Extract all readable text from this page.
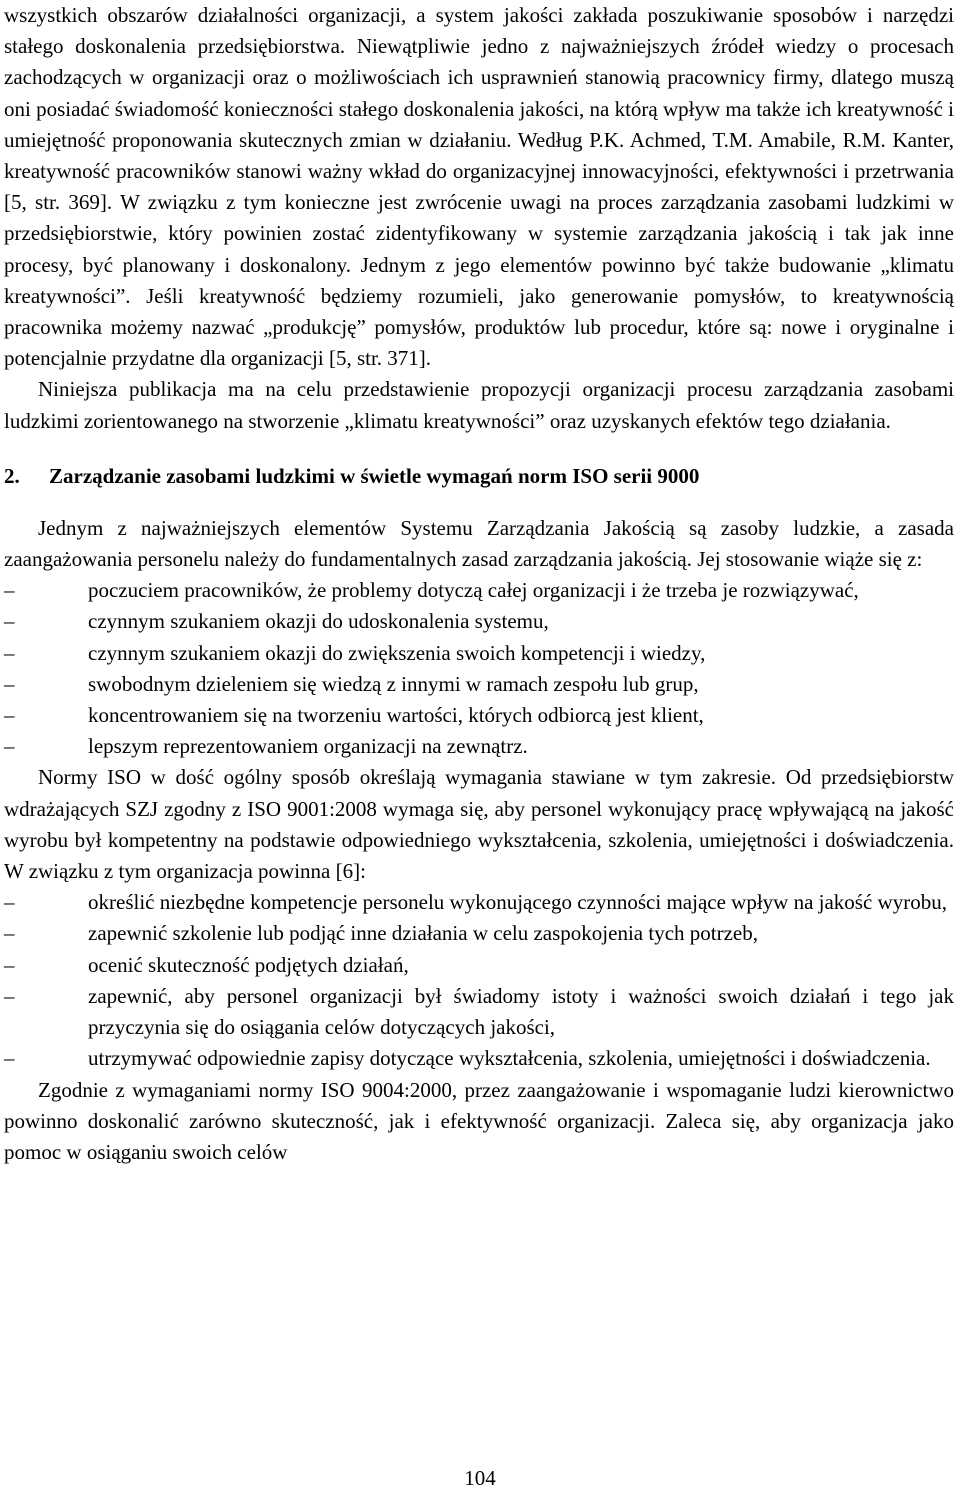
wszystkich obszarów działalności organizacji, a system jakości zakłada poszukiwanie sposobów i narzędzi stałego doskonalenia przedsiębiorstwa. Niewątpliwie jedno z najważniejszych źródeł wiedzy o procesach zachodzących w organizacji oraz o możliwościach ich usprawnień stanowią pracownicy firmy, dlatego muszą oni posiadać świadomość konieczności stałego doskonalenia jakości, na którą wpływ ma także ich kreatywność i umiejętność proponowania skutecznych zmian w działaniu. Według P.K. Achmed, T.M. Amabile, R.M. Kanter, kreatywność pracowników stanowi ważny wkład do organizacyjnej innowacyjności, efektywności i przetrwania [5, str. 369]. W związku z tym konieczne jest zwrócenie uwagi na proces zarządzania zasobami ludzkimi w przedsiębiorstwie, który powinien zostać zidentyfikowany w systemie zarządzania jakością i tak jak inne procesy, być planowany i doskonalony. Jednym z jego elementów powinno być także budowanie „klimatu kreatywności”. Jeśli kreatywność będziemy rozumieli, jako generowanie pomysłów, to kreatywnością pracownika możemy nazwać „produkcję” pomysłów, produktów lub procedur, które są: nowe i oryginalne i potencjalnie przydatne dla organizacji [5, str. 371].

Niniejsza publikacja ma na celu przedstawienie propozycji organizacji procesu zarządzania zasobami ludzkimi zorientowanego na stworzenie „klimatu kreatywności” oraz uzyskanych efektów tego działania.

2.	Zarządzanie zasobami ludzkimi w świetle wymagań norm ISO serii 9000

Jednym z najważniejszych elementów Systemu Zarządzania Jakością są zasoby ludzkie, a zasada zaangażowania personelu należy do fundamentalnych zasad zarządzania jakością. Jej stosowanie wiąże się z:

–	poczuciem pracowników, że problemy dotyczą całej organizacji i że trzeba je rozwiązywać,
–	czynnym szukaniem okazji do udoskonalenia systemu,
–	czynnym szukaniem okazji do zwiększenia swoich kompetencji i wiedzy,
–	swobodnym dzieleniem się wiedzą z innymi w ramach zespołu lub grup,
–	koncentrowaniem się na tworzeniu wartości, których odbiorcą jest klient,
–	lepszym reprezentowaniem organizacji na zewnątrz.

Normy ISO w dość ogólny sposób określają wymagania stawiane w tym zakresie. Od przedsiębiorstw wdrażających SZJ zgodny z ISO 9001:2008 wymaga się, aby personel wykonujący pracę wpływającą na jakość wyrobu był kompetentny na podstawie odpowiedniego wykształcenia, szkolenia, umiejętności i doświadczenia. W związku z tym organizacja powinna [6]:

–	określić niezbędne kompetencje personelu wykonującego czynności mające wpływ na jakość wyrobu,
–	zapewnić szkolenie lub podjąć inne działania w celu zaspokojenia tych potrzeb,
–	ocenić skuteczność podjętych działań,
–	zapewnić, aby personel organizacji był świadomy istoty i ważności swoich działań i tego jak przyczynia się do osiągania celów dotyczących jakości,
–	utrzymywać odpowiednie zapisy dotyczące wykształcenia, szkolenia, umiejętności i doświadczenia.

Zgodnie z wymaganiami normy ISO 9004:2000, przez zaangażowanie i wspomaganie ludzi kierownictwo powinno doskonalić zarówno skuteczność, jak i efektywność organizacji. Zaleca się, aby organizacja jako pomoc w osiąganiu swoich celów

104
